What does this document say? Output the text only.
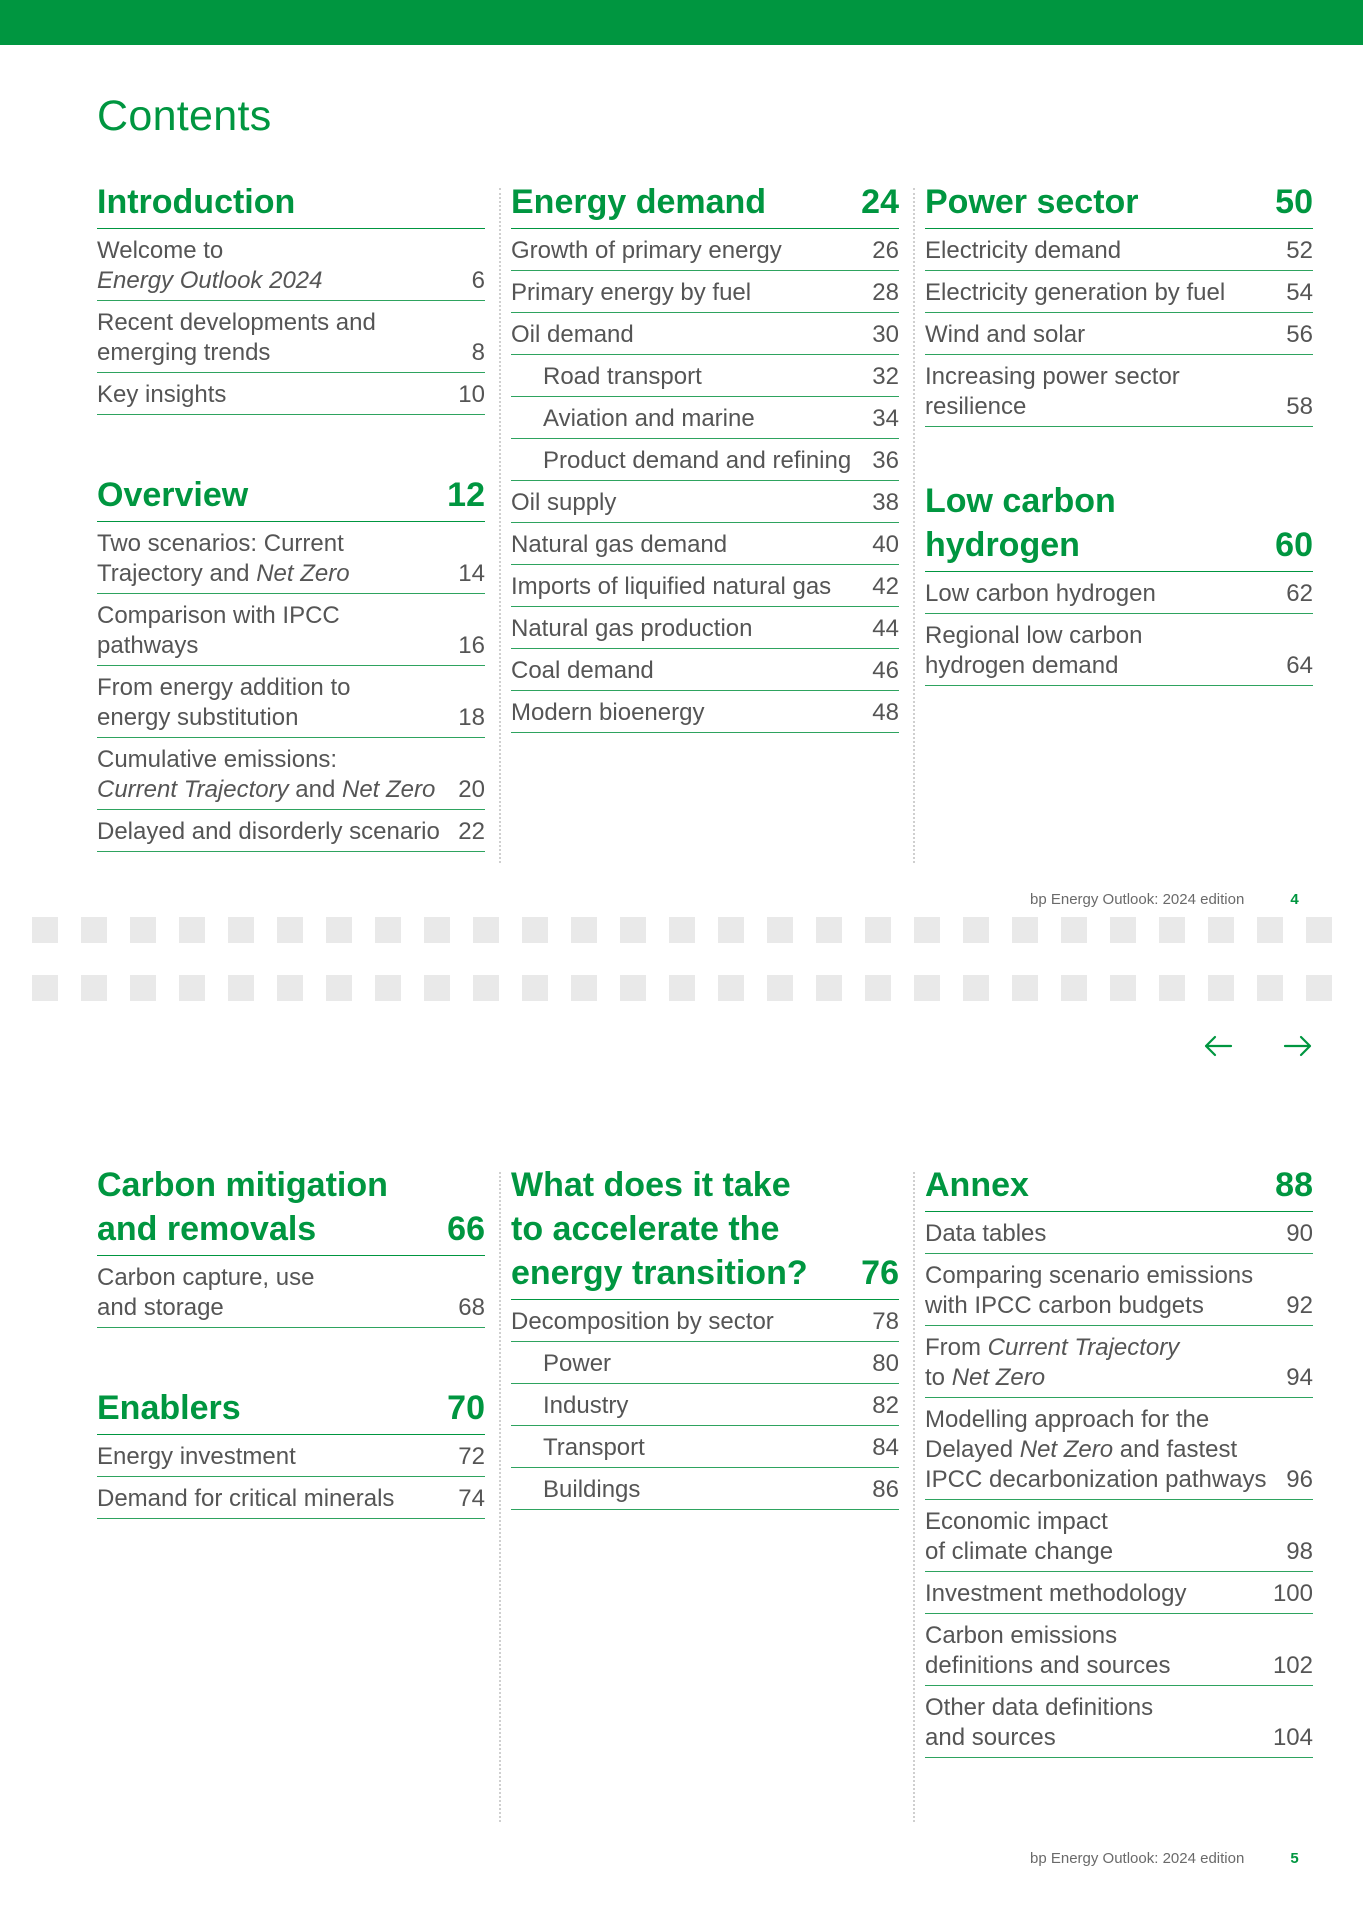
Contents
Introduction
Welcome to
Energy Outlook 2024	6
Recent developments and
emerging trends	8
Key insights	10
Overview	12
Two scenarios: Current
Trajectory and Net Zero	14
Comparison with IPCC
pathways	16
From energy addition to
energy substitution	18
Cumulative emissions:
Current Trajectory and Net Zero 20
Delayed and disorderly scenario 22
Energy demand	24
Growth of primary energy	26
Primary energy by fuel	28
Oil demand	30
Road transport	32
Aviation and marine	34
Product demand and refining 36
Oil supply	38
Natural gas demand	40
Imports of liquified natural gas	42
Natural gas production	44
Coal demand	46
Modern bioenergy	48
Power sector	50
Electricity demand	52
Electricity generation by fuel	54
Wind and solar	56
Increasing power sector
resilience	58
Low carbon
hydrogen	60
Low carbon hydrogen	62
Regional low carbon
hydrogen demand	64
bp Energy Outlook: 2024 edition	4
Carbon mitigation
and removals	66
Carbon capture, use
and storage	68
Enablers	70
Energy investment	72
Demand for critical minerals	74
What does it take
to accelerate the
energy transition? 76
Decomposition by sector	78
Power	80
Industry	82
Transport	84
Buildings	86
Annex	88
Data tables	90
Comparing scenario emissions
with IPCC carbon budgets	92
From Current Trajectory
to Net Zero	94
Modelling approach for the
Delayed Net Zero and fastest
IPCC decarbonization pathways 96
Economic impact
of climate change	98
Investment methodology	100
Carbon emissions
definitions and sources	102
Other data definitions
and sources	104
bp Energy Outlook: 2024 edition	5
